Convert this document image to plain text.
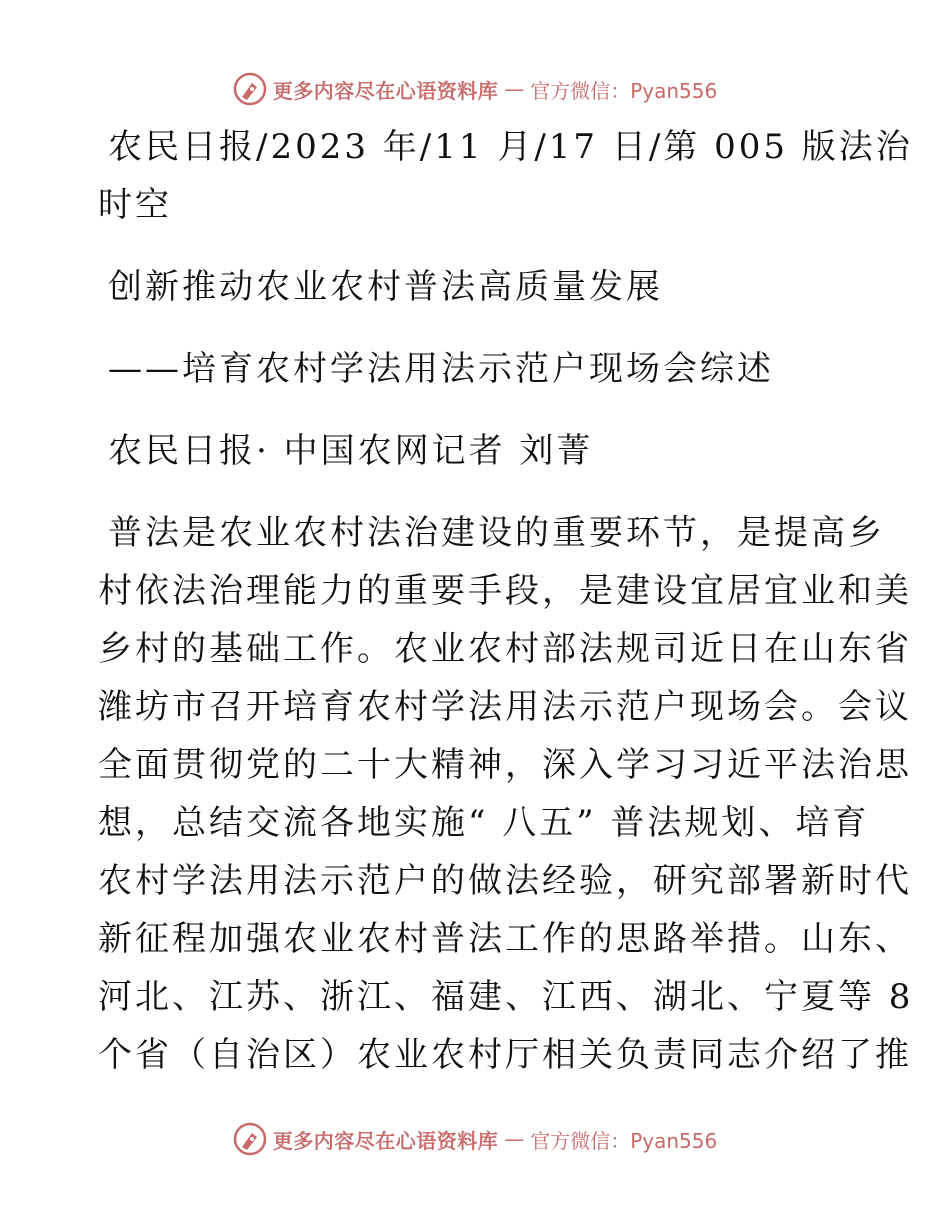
更多内容尽在心语资料库 — 官方微信：Pyan556
农民日报/2023 年/11 月/17 日/第 005 版法治
时空
创新推动农业农村普法高质量发展
——培育农村学法用法示范户现场会综述
农民日报· 中国农网记者 刘菁
普法是农业农村法治建设的重要环节，是提高乡
村依法治理能力的重要手段，是建设宜居宜业和美
乡村的基础工作。农业农村部法规司近日在山东省
潍坊市召开培育农村学法用法示范户现场会。会议
全面贯彻党的二十大精神，深入学习习近平法治思
想，总结交流各地实施“ 八五” 普法规划、培育
农村学法用法示范户的做法经验，研究部署新时代
新征程加强农业农村普法工作的思路举措。山东、
河北、江苏、浙江、福建、江西、湖北、宁夏等 8
个省（自治区）农业农村厅相关负责同志介绍了推
更多内容尽在心语资料库 — 官方微信：Pyan556
